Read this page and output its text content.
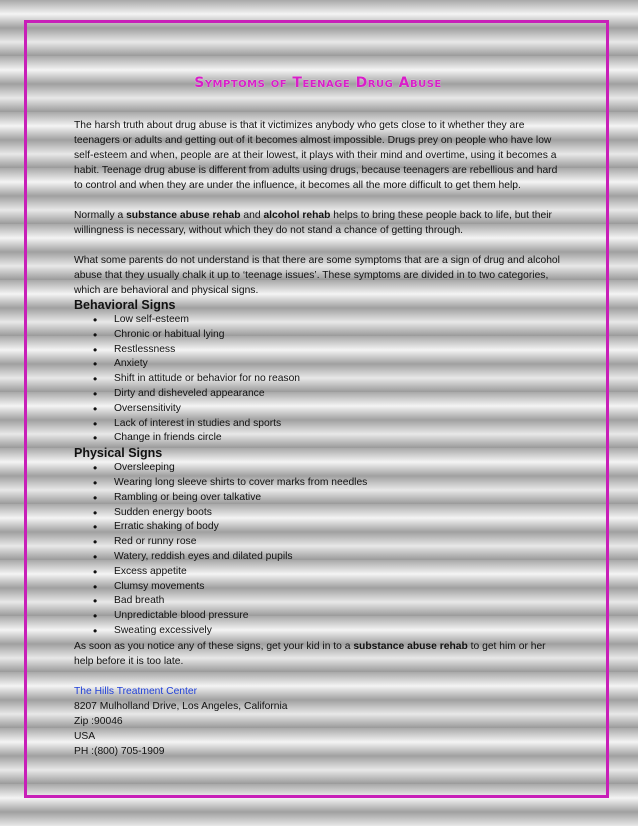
Symptoms of Teenage Drug Abuse

The harsh truth about drug abuse is that it victimizes anybody who gets close to it whether they are teenagers or adults and getting out of it becomes almost impossible. Drugs prey on people who have low self-esteem and when, people are at their lowest, it plays with their mind and overtime, using it becomes a habit. Teenage drug abuse is different from adults using drugs, because teenagers are rebellious and hard to control and when they are under the influence, it becomes all the more difficult to get them help.

Normally a substance abuse rehab and alcohol rehab helps to bring these people back to life, but their willingness is necessary, without which they do not stand a chance of getting through.

What some parents do not understand is that there are some symptoms that are a sign of drug and alcohol abuse that they usually chalk it up to ‘teenage issues’. These symptoms are divided in to two categories, which are behavioral and physical signs.

Behavioral Signs
• Low self-esteem
• Chronic or habitual lying
• Restlessness
• Anxiety
• Shift in attitude or behavior for no reason
• Dirty and disheveled appearance
• Oversensitivity
• Lack of interest in studies and sports
• Change in friends circle
Physical Signs
• Oversleeping
• Wearing long sleeve shirts to cover marks from needles
• Rambling or being over talkative
• Sudden energy boots
• Erratic shaking of body
• Red or runny rose
• Watery, reddish eyes and dilated pupils
• Excess appetite
• Clumsy movements
• Bad breath
• Unpredictable blood pressure
• Sweating excessively

As soon as you notice any of these signs, get your kid in to a substance abuse rehab to get him or her help before it is too late.

The Hills Treatment Center
8207 Mulholland Drive, Los Angeles, California
Zip :90046
USA
PH :(800) 705-1909
